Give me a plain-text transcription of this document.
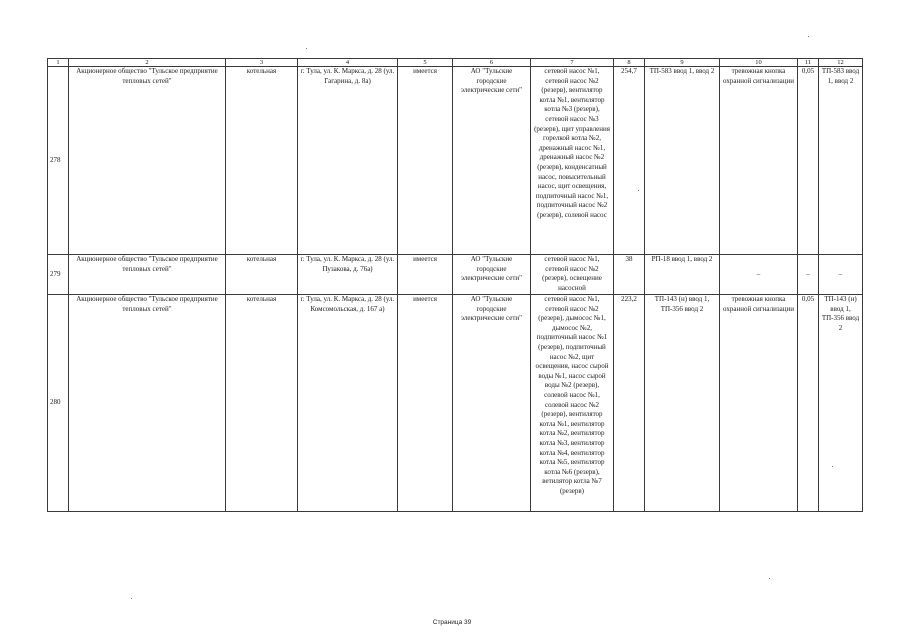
1	2	3	4	5	6	7	8	9	10	11	12
278	Акционерное общество "Тульское предприятие тепловых сетей"	котельная	г. Тула, ул. К. Маркса, д. 28 (ул. Гагарина, д. 8а)	имеется	АО "Тульские городские электрические сети"	сетевой насос №1, сетевой насос №2 (резерв), вентилятор котла №1, вентилятор котла №3 (резерв), сетевой насос №3 (резерв), щит управления горелкой котла №2, дренажный насос №1, дренажный насос №2 (резерв), конденсатный насос, повысительный насос, щит освещения, подпиточный насос №1, подпиточный насос №2 (резерв), солевой насос	254,7	ТП-583 ввод 1, ввод 2	тревожная кнопка охранной сигнализации	0,05	ТП-583 ввод 1, ввод 2
279	Акционерное общество "Тульское предприятие тепловых сетей"	котельная	г. Тула, ул. К. Маркса, д. 28 (ул. Пузакова, д. 76а)	имеется	АО "Тульские городские электрические сети"	сетевой насос №1, сетевой насос №2 (резерв), освещение насосной	38	РП-18 ввод 1, ввод 2	–	–	–
280	Акционерное общество "Тульское предприятие тепловых сетей"	котельная	г. Тула, ул. К. Маркса, д. 28 (ул. Комсомольская, д. 167 а)	имеется	АО "Тульские городские электрические сети"	сетевой насос №1, сетевой насос №2 (резерв), дымосос №1, дымосос №2, подпиточный насос №1 (резерв), подпиточный насос №2, щит освещения, насос сырой воды №1, насос сырой воды №2 (резерв), солевой насос №1, солевой насос №2 (резерв), вентилятор котла №1, вентилятор котла №2, вентилятор котла №3, вентилятор котла №4, вентилятор котла №5, вентилятор котла №6 (резерв), ветилятор котла №7 (резерв)	223,2	ТП-143 (н) ввод 1, ТП-356 ввод 2	тревожная кнопка охранной сигнализации	0,05	ТП-143 (н) ввод 1, ТП-356 ввод 2
Страница 39
